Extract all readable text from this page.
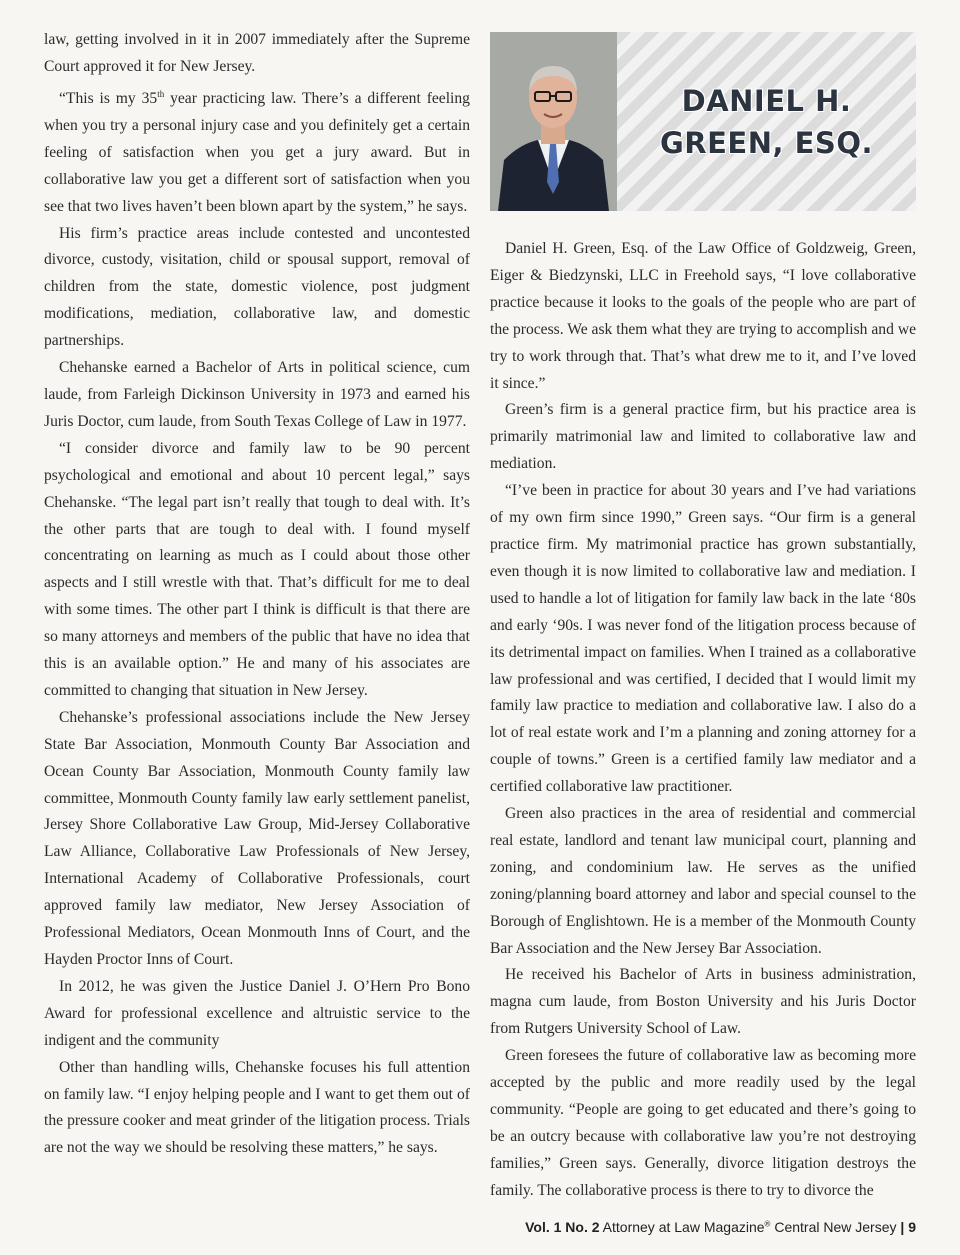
law, getting involved in it in 2007 immediately after the Supreme Court approved it for New Jersey.

“This is my 35th year practicing law. There’s a different feeling when you try a personal injury case and you definitely get a certain feeling of satisfaction when you get a jury award. But in collaborative law you get a different sort of satisfaction when you see that two lives haven’t been blown apart by the system,” he says.

His firm’s practice areas include contested and uncontested divorce, custody, visitation, child or spousal support, removal of children from the state, domestic violence, post judgment modifications, mediation, collaborative law, and domestic partnerships.

Chehanske earned a Bachelor of Arts in political science, cum laude, from Farleigh Dickinson University in 1973 and earned his Juris Doctor, cum laude, from South Texas College of Law in 1977.

“I consider divorce and family law to be 90 percent psychological and emotional and about 10 percent legal,” says Chehanske. “The legal part isn’t really that tough to deal with. It’s the other parts that are tough to deal with. I found myself concentrating on learning as much as I could about those other aspects and I still wrestle with that. That’s difficult for me to deal with some times. The other part I think is difficult is that there are so many attorneys and members of the public that have no idea that this is an available option.” He and many of his associates are committed to changing that situation in New Jersey.

Chehanske’s professional associations include the New Jersey State Bar Association, Monmouth County Bar Association and Ocean County Bar Association, Monmouth County family law committee, Monmouth County family law early settlement panelist, Jersey Shore Collaborative Law Group, Mid-Jersey Collaborative Law Alliance, Collaborative Law Professionals of New Jersey, International Academy of Collaborative Professionals, court approved family law mediator, New Jersey Association of Professional Mediators, Ocean Monmouth Inns of Court, and the Hayden Proctor Inns of Court.

In 2012, he was given the Justice Daniel J. O’Hern Pro Bono Award for professional excellence and altruistic service to the indigent and the community

Other than handling wills, Chehanske focuses his full attention on family law. “I enjoy helping people and I want to get them out of the pressure cooker and meat grinder of the litigation process. Trials are not the way we should be resolving these matters,” he says.

DANIEL H.
GREEN, ESQ.

Daniel H. Green, Esq. of the Law Office of Goldzweig, Green, Eiger & Biedzynski, LLC in Freehold says, “I love collaborative practice because it looks to the goals of the people who are part of the process. We ask them what they are trying to accomplish and we try to work through that. That’s what drew me to it, and I’ve loved it since.”

Green’s firm is a general practice firm, but his practice area is primarily matrimonial law and limited to collaborative law and mediation.

“I’ve been in practice for about 30 years and I’ve had variations of my own firm since 1990,” Green says. “Our firm is a general practice firm. My matrimonial practice has grown substantially, even though it is now limited to collaborative law and mediation. I used to handle a lot of litigation for family law back in the late ‘80s and early ‘90s. I was never fond of the litigation process because of its detrimental impact on families. When I trained as a collaborative law professional and was certified, I decided that I would limit my family law practice to mediation and collaborative law. I also do a lot of real estate work and I’m a planning and zoning attorney for a couple of towns.” Green is a certified family law mediator and a certified collaborative law practitioner.

Green also practices in the area of residential and commercial real estate, landlord and tenant law municipal court, planning and zoning, and condominium law. He serves as the unified zoning/planning board attorney and labor and special counsel to the Borough of Englishtown. He is a member of the Monmouth County Bar Association and the New Jersey Bar Association.

He received his Bachelor of Arts in business administration, magna cum laude, from Boston University and his Juris Doctor from Rutgers University School of Law.

Green foresees the future of collaborative law as becoming more accepted by the public and more readily used by the legal community. “People are going to get educated and there’s going to be an outcry because with collaborative law you’re not destroying families,” Green says. Generally, divorce litigation destroys the family. The collaborative process is there to try to divorce the

Vol. 1 No. 2 Attorney at Law Magazine® Central New Jersey | 9
